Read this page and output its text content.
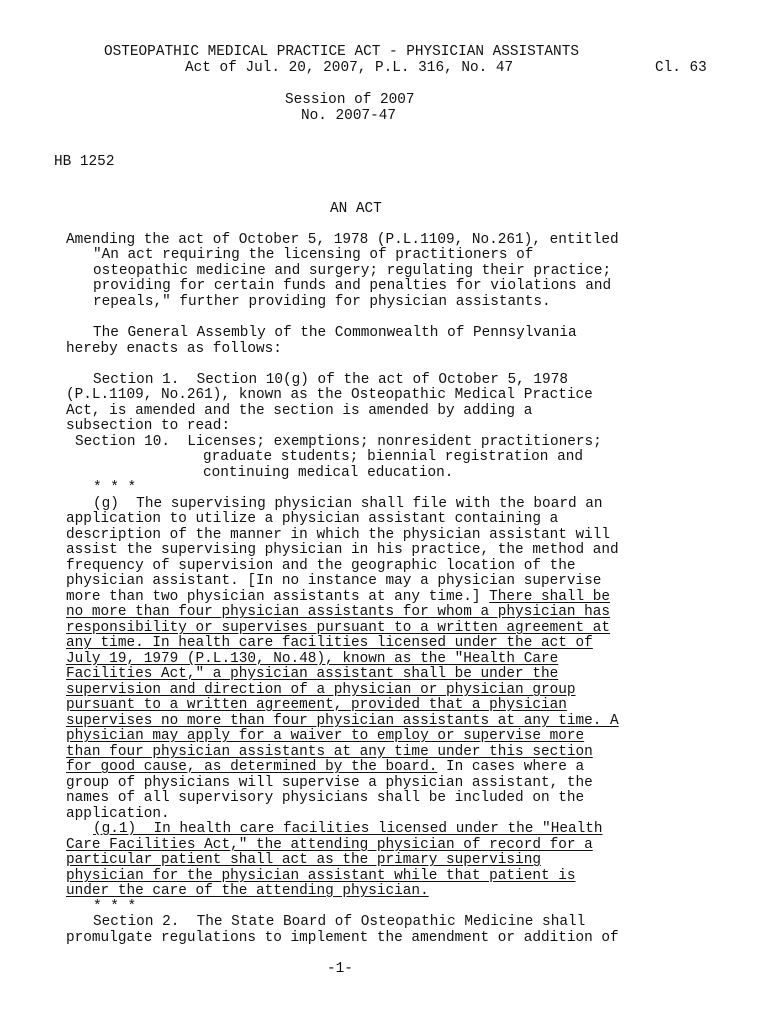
OSTEOPATHIC MEDICAL PRACTICE ACT - PHYSICIAN ASSISTANTS
Act of Jul. 20, 2007, P.L. 316, No. 47	Cl. 63
Session of 2007
No. 2007-47
HB 1252
AN ACT
Amending the act of October 5, 1978 (P.L.1109, No.261), entitled
"An act requiring the licensing of practitioners of
osteopathic medicine and surgery; regulating their practice;
providing for certain funds and penalties for violations and
repeals," further providing for physician assistants.
The General Assembly of the Commonwealth of Pennsylvania
hereby enacts as follows:
Section 1.  Section 10(g) of the act of October 5, 1978
(P.L.1109, No.261), known as the Osteopathic Medical Practice
Act, is amended and the section is amended by adding a
subsection to read:
Section 10.  Licenses; exemptions; nonresident practitioners;
graduate students; biennial registration and
continuing medical education.
* * *
(g)  The supervising physician shall file with the board an
application to utilize a physician assistant containing a
description of the manner in which the physician assistant will
assist the supervising physician in his practice, the method and
frequency of supervision and the geographic location of the
physician assistant. [In no instance may a physician supervise
more than two physician assistants at any time.] There shall be
no more than four physician assistants for whom a physician has
responsibility or supervises pursuant to a written agreement at
any time. In health care facilities licensed under the act of
July 19, 1979 (P.L.130, No.48), known as the "Health Care
Facilities Act," a physician assistant shall be under the
supervision and direction of a physician or physician group
pursuant to a written agreement, provided that a physician
supervises no more than four physician assistants at any time. A
physician may apply for a waiver to employ or supervise more
than four physician assistants at any time under this section
for good cause, as determined by the board. In cases where a
group of physicians will supervise a physician assistant, the
names of all supervisory physicians shall be included on the
application.
(g.1)  In health care facilities licensed under the "Health
Care Facilities Act," the attending physician of record for a
particular patient shall act as the primary supervising
physician for the physician assistant while that patient is
under the care of the attending physician.
* * *
Section 2.  The State Board of Osteopathic Medicine shall
promulgate regulations to implement the amendment or addition of
-1-
